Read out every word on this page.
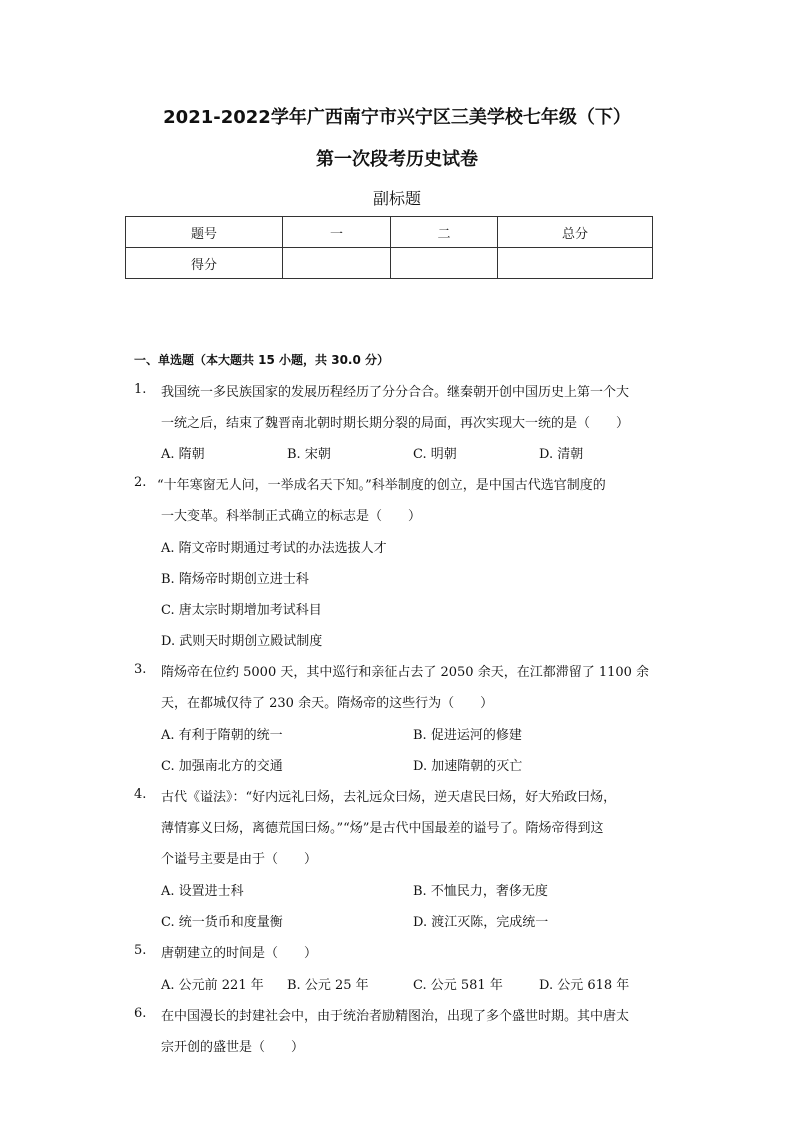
2021-2022学年广西南宁市兴宁区三美学校七年级（下）
第一次段考历史试卷
副标题
题号	一	二	总分
得分			
一、单选题（本大题共 15 小题，共 30.0 分）
1. 我国统一多民族国家的发展历程经历了分分合合。继秦朝开创中国历史上第一个大
一统之后，结束了魏晋南北朝时期长期分裂的局面，再次实现大一统的是（　　）
A. 隋朝	B. 宋朝	C. 明朝	D. 清朝
2. “十年寒窗无人问，一举成名天下知。”科举制度的创立，是中国古代选官制度的
一大变革。科举制正式确立的标志是（　　）
A. 隋文帝时期通过考试的办法选拔人才
B. 隋炀帝时期创立进士科
C. 唐太宗时期增加考试科目
D. 武则天时期创立殿试制度
3. 隋炀帝在位约 5000 天，其中巡行和亲征占去了 2050 余天，在江都滞留了 1100 余
天，在都城仅待了 230 余天。隋炀帝的这些行为（　　）
A. 有利于隋朝的统一	B. 促进运河的修建
C. 加强南北方的交通	D. 加速隋朝的灭亡
4. 古代《谥法》：“好内远礼曰炀，去礼远众曰炀，逆天虐民曰炀，好大殆政曰炀，
薄情寡义曰炀，离德荒国曰炀。”“炀”是古代中国最差的谥号了。隋炀帝得到这
个谥号主要是由于（　　）
A. 设置进士科	B. 不恤民力，奢侈无度
C. 统一货币和度量衡	D. 渡江灭陈，完成统一
5. 唐朝建立的时间是（　　）
A. 公元前 221 年 B. 公元 25 年	C. 公元 581 年	D. 公元 618 年
6. 在中国漫长的封建社会中，由于统治者励精图治，出现了多个盛世时期。其中唐太
宗开创的盛世是（　　）
